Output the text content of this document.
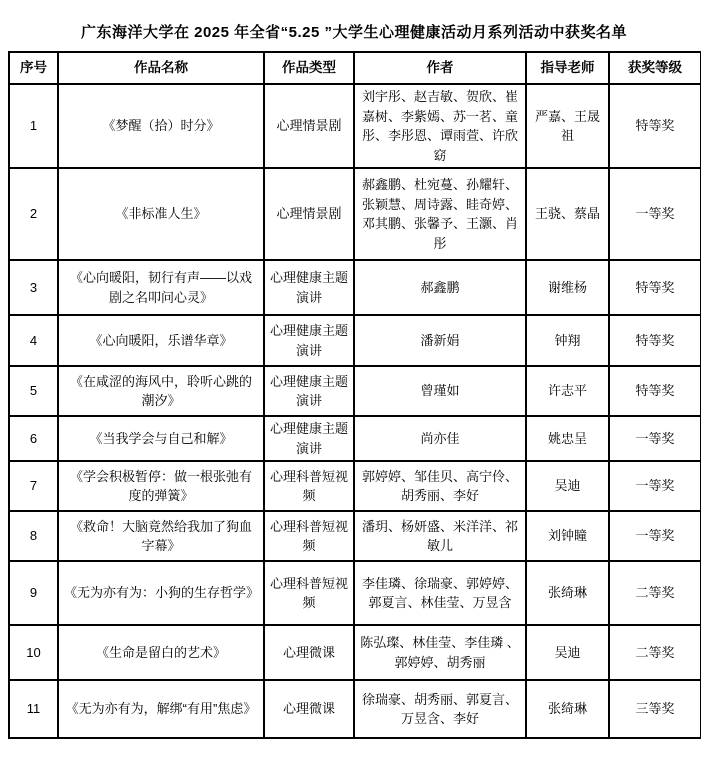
广东海洋大学在 2025 年全省“5.25 ”大学生心理健康活动月系列活动中获奖名单
序号	作品名称	作品类型	作者	指导老师	获奖等级
1	《梦醒（拾）时分》	心理情景剧	刘宇彤、赵吉敏、贺欣、崔嘉树、李紫嫣、苏一茗、童彤、李彤恩、谭雨萱、许欣窈	严嘉、王晟祖	特等奖
2	《非标准人生》	心理情景剧	郝鑫鹏、杜宛蔓、孙耀轩、张颖慧、周诗露、眭奇婷、邓其鹏、张馨予、王灏、肖彤	王骁、蔡晶	一等奖
3	《心向暖阳，韧行有声——以戏剧之名叩问心灵》	心理健康主题演讲	郝鑫鹏	谢维杨	特等奖
4	《心向暖阳，乐谱华章》	心理健康主题演讲	潘新娟	钟翔	特等奖
5	《在咸涩的海风中，聆听心跳的潮汐》	心理健康主题演讲	曾瑾如	许志平	特等奖
6	《当我学会与自己和解》	心理健康主题演讲	尚亦佳	姚忠呈	一等奖
7	《学会积极暂停：做一根张弛有度的弹簧》	心理科普短视频	郭婷婷、邹佳贝、高宁伶、胡秀丽、李好	吴迪	一等奖
8	《救命！大脑竟然给我加了狗血字幕》	心理科普短视频	潘玥、杨妍盛、米洋洋、祁敏儿	刘钟瞳	一等奖
9	《无为亦有为：小狗的生存哲学》	心理科普短视频	李佳璘、徐瑞豪、郭婷婷、郭夏言、林佳莹、万昱含	张绮琳	二等奖
10	《生命是留白的艺术》	心理微课	陈弘璨、林佳莹、李佳璘 、郭婷婷、胡秀丽	吴迪	二等奖
11	《无为亦有为，解绑“有用”焦虑》	心理微课	徐瑞豪、胡秀丽、郭夏言、万昱含、李好	张绮琳	三等奖
